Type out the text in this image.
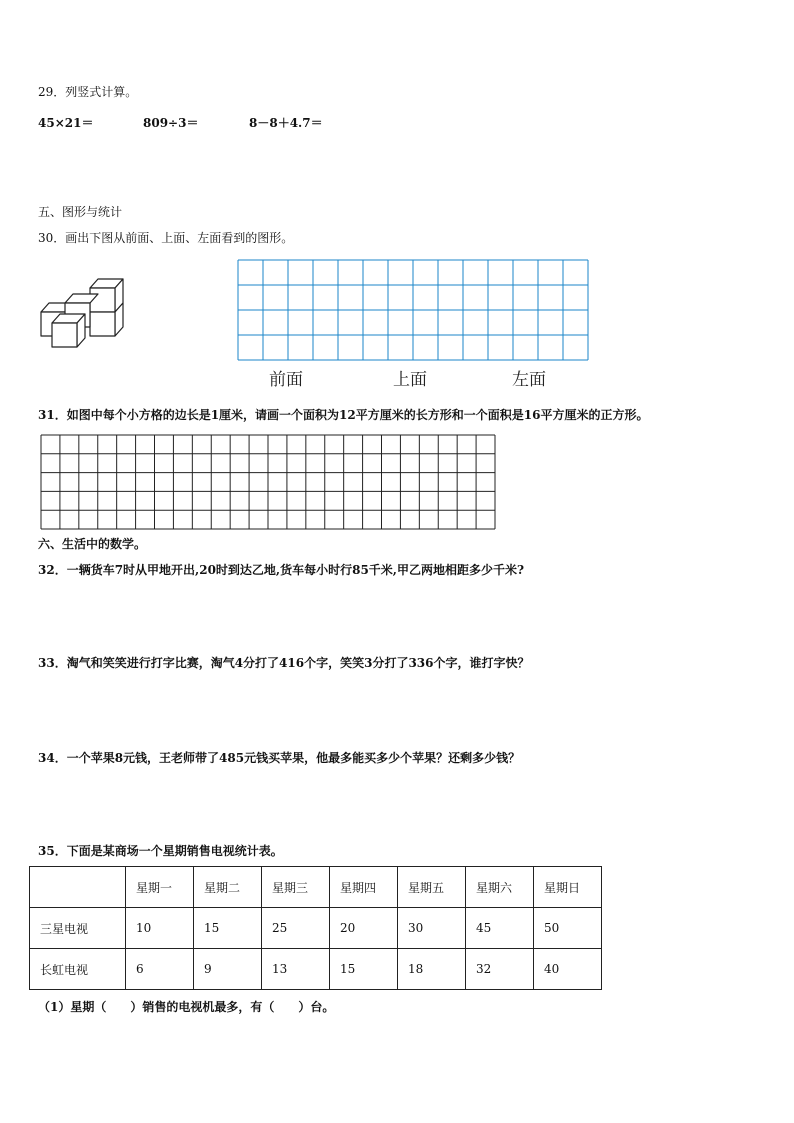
29．列竖式计算。
45×21＝	809÷3＝	8－8＋4.7＝
五、图形与统计
30．画出下图从前面、上面、左面看到的图形。
前面	上面	左面
31．如图中每个小方格的边长是1厘米，请画一个面积为12平方厘米的长方形和一个面积是16平方厘米的正方形。
六、生活中的数学。
32．一辆货车7时从甲地开出,20时到达乙地,货车每小时行85千米,甲乙两地相距多少千米?
33．淘气和笑笑进行打字比赛，淘气4分打了416个字，笑笑3分打了336个字，谁打字快？
34．一个苹果8元钱，王老师带了485元钱买苹果，他最多能买多少个苹果？还剩多少钱？
35．下面是某商场一个星期销售电视统计表。
	星期一	星期二	星期三	星期四	星期五	星期六	星期日
三星电视	10	15	25	20	30	45	50
长虹电视	6	9	13	15	18	32	40
（1）星期（　　）销售的电视机最多，有（　　）台。
